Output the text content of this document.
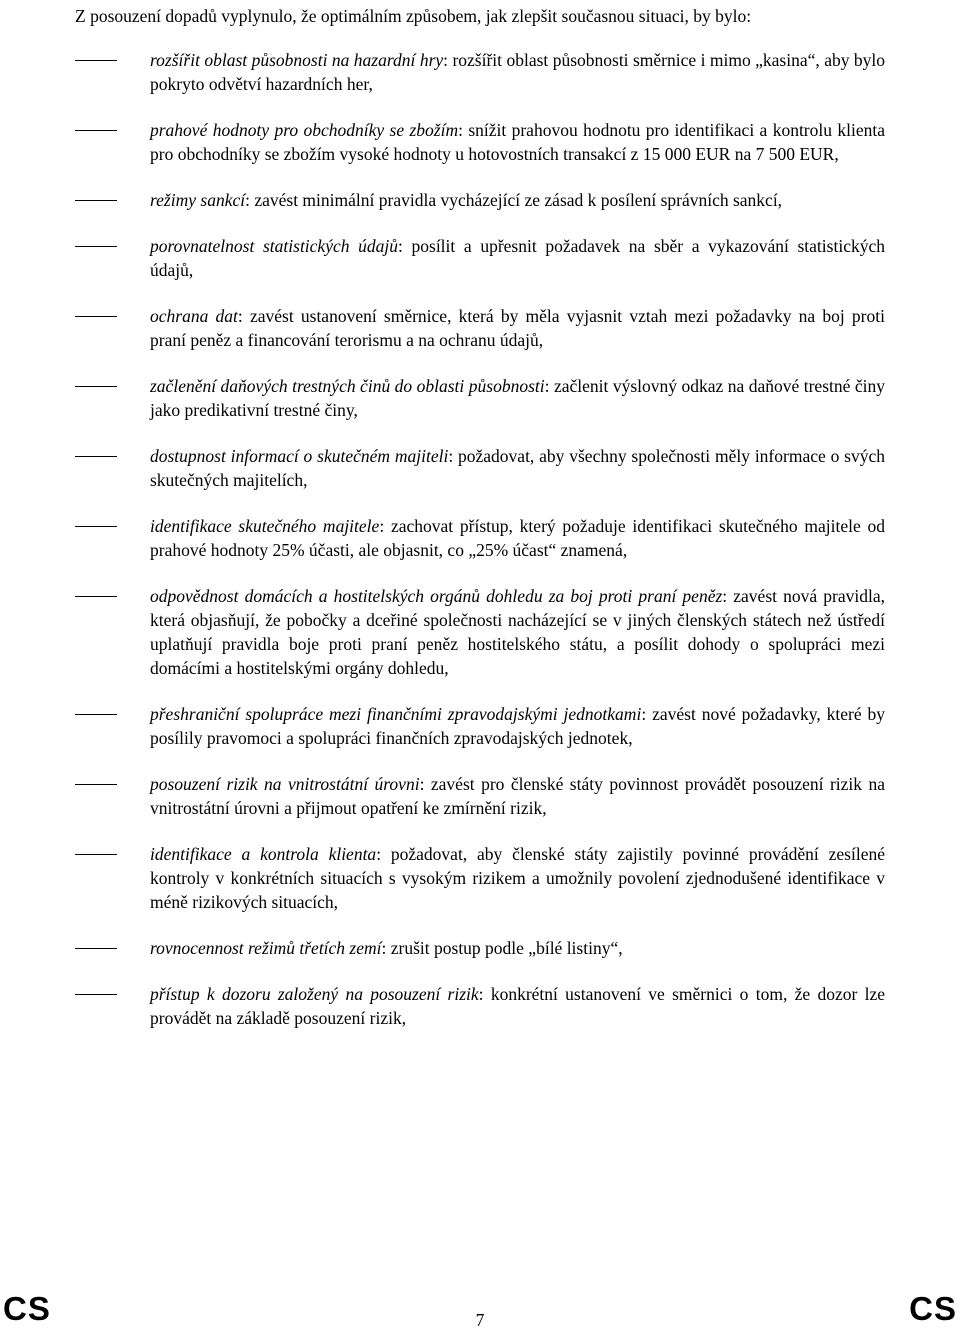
Z posouzení dopadů vyplynulo, že optimálním způsobem, jak zlepšit současnou situaci, by bylo:

rozšířit oblast působnosti na hazardní hry: rozšířit oblast působnosti směrnice i mimo „kasina“, aby bylo pokryto odvětví hazardních her,
prahové hodnoty pro obchodníky se zbožím: snížit prahovou hodnotu pro identifikaci a kontrolu klienta pro obchodníky se zbožím vysoké hodnoty u hotovostních transakcí z 15 000 EUR na 7 500 EUR,
režimy sankcí: zavést minimální pravidla vycházející ze zásad k posílení správních sankcí,
porovnatelnost statistických údajů: posílit a upřesnit požadavek na sběr a vykazování statistických údajů,
ochrana dat: zavést ustanovení směrnice, která by měla vyjasnit vztah mezi požadavky na boj proti praní peněz a financování terorismu a na ochranu údajů,
začlenění daňových trestných činů do oblasti působnosti: začlenit výslovný odkaz na daňové trestné činy jako predikativní trestné činy,
dostupnost informací o skutečném majiteli: požadovat, aby všechny společnosti měly informace o svých skutečných majitelích,
identifikace skutečného majitele: zachovat přístup, který požaduje identifikaci skutečného majitele od prahové hodnoty 25% účasti, ale objasnit, co „25% účast“ znamená,
odpovědnost domácích a hostitelských orgánů dohledu za boj proti praní peněz: zavést nová pravidla, která objasňují, že pobočky a dceřiné společnosti nacházející se v jiných členských státech než ústředí uplatňují pravidla boje proti praní peněz hostitelského státu, a posílit dohody o spolupráci mezi domácími a hostitelskými orgány dohledu,
přeshraniční spolupráce mezi finančními zpravodajskými jednotkami: zavést nové požadavky, které by posílily pravomoci a spolupráci finančních zpravodajských jednotek,
posouzení rizik na vnitrostátní úrovni: zavést pro členské státy povinnost provádět posouzení rizik na vnitrostátní úrovni a přijmout opatření ke zmírnění rizik,
identifikace a kontrola klienta: požadovat, aby členské státy zajistily povinné provádění zesílené kontroly v konkrétních situacích s vysokým rizikem a umožnily povolení zjednodušené identifikace v méně rizikových situacích,
rovnocennost režimů třetích zemí: zrušit postup podle „bílé listiny“,
přístup k dozoru založený na posouzení rizik: konkrétní ustanovení ve směrnici o tom, že dozor lze provádět na základě posouzení rizik,
CS	7	CS
